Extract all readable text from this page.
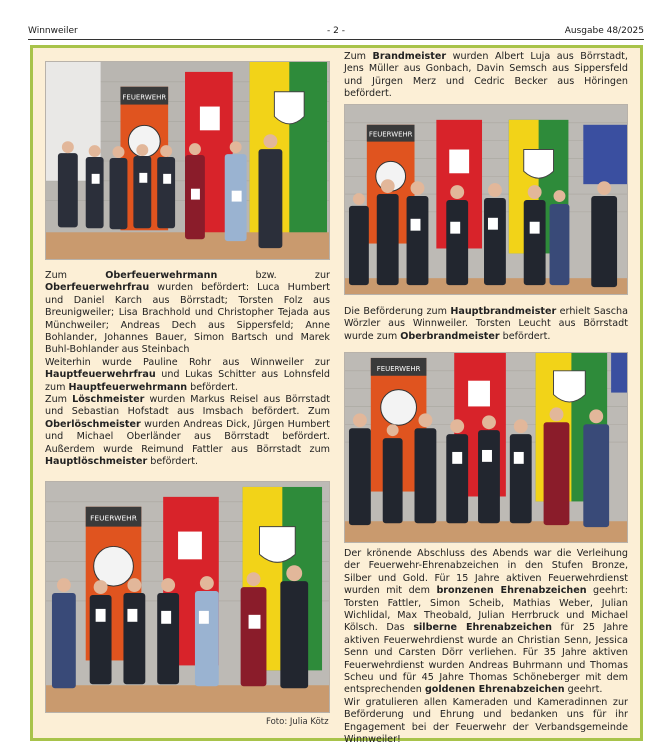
Winnweiler	- 2 -	Ausgabe 48/2025
FEUERWEHR
FEUERWEHR
FEUERWEHR
FEUERWEHR

Zum Oberfeuerwehrmann bzw. zur Oberfeuerwehrfrau wurden befördert: Luca Humbert und Daniel Karch aus Börrstadt; Torsten Folz aus Breunigweiler; Lisa Brachhold und Christopher Tejada aus Münchweiler; Andreas Dech aus Sippersfeld; Anne Bohlander, Johannes Bauer, Simon Bartsch und Marek Buhl-Bohlander aus Steinbach

Weiterhin wurde Pauline Rohr aus Winnweiler zur Hauptfeuerwehrfrau und Lukas Schitter aus Lohnsfeld zum Hauptfeuerwehrmann befördert.

Zum Löschmeister wurden Markus Reisel aus Börrstadt und Sebastian Hofstadt aus Imsbach befördert. Zum Oberlöschmeister wurden Andreas Dick, Jürgen Humbert und Michael Oberländer aus Börrstadt befördert. Außerdem wurde Reimund Fattler aus Börrstadt zum Hauptlöschmeister befördert.

Foto: Julia Kötz

Zum Brandmeister wurden Albert Luja aus Börrstadt, Jens Müller aus Gonbach, Davin Semsch aus Sippersfeld und Jürgen Merz und Cedric Becker aus Höringen befördert.

Die Beförderung zum Hauptbrandmeister erhielt Sascha Wörzler aus Winnweiler. Torsten Leucht aus Börrstadt wurde zum Oberbrandmeister befördert.

Der krönende Abschluss des Abends war die Verleihung der Feuerwehr-Ehrenabzeichen in den Stufen Bronze, Silber und Gold. Für 15 Jahre aktiven Feuerwehrdienst wurden mit dem bronzenen Ehrenabzeichen geehrt: Torsten Fattler, Simon Scheib, Mathias Weber, Julian Wichlidal, Max Theobald, Julian Herrbruck und Michael Kölsch. Das silberne Ehrenabzeichen für 25 Jahre aktiven Feuerwehrdienst wurde an Christian Senn, Jessica Senn und Carsten Dörr verliehen. Für 35 Jahre aktiven Feuerwehrdienst wurden Andreas Buhrmann und Thomas Scheu und für 45 Jahre Thomas Schöneberger mit dem entsprechenden goldenen Ehrenabzeichen geehrt.

Wir gratulieren allen Kameraden und Kameradinnen zur Beförderung und Ehrung und bedanken uns für ihr Engagement bei der Feuerwehr der Verbandsgemeinde Winnweiler!
